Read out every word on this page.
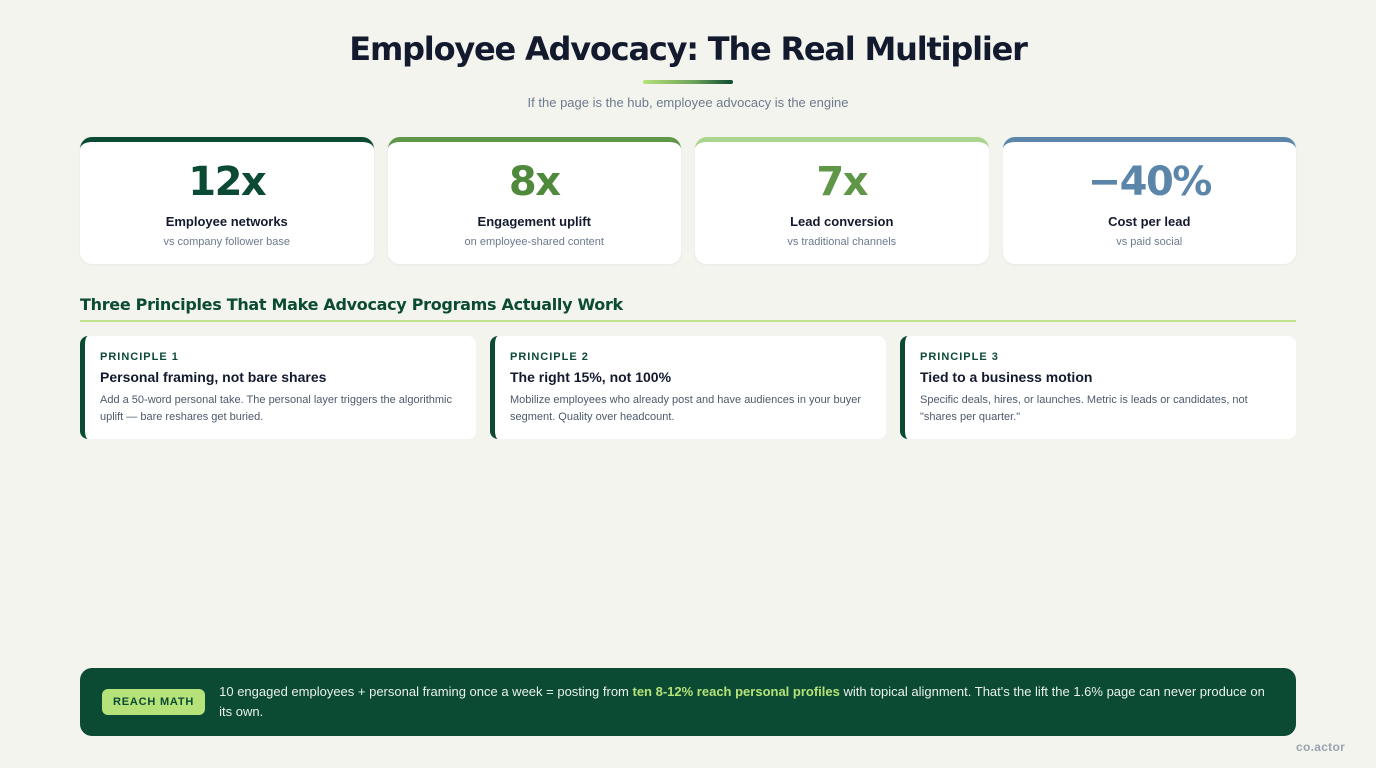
Employee Advocacy: The Real Multiplier

If the page is the hub, employee advocacy is the engine

12x
Employee networks
vs company follower base
8x
Engagement uplift
on employee-shared content
7x
Lead conversion
vs traditional channels
−40%
Cost per lead
vs paid social
Three Principles That Make Advocacy Programs Actually Work
PRINCIPLE 1
Personal framing, not bare shares
Add a 50-word personal take. The personal layer triggers the algorithmic uplift — bare reshares get buried.
PRINCIPLE 2
The right 15%, not 100%
Mobilize employees who already post and have audiences in your buyer segment. Quality over headcount.
PRINCIPLE 3
Tied to a business motion
Specific deals, hires, or launches. Metric is leads or candidates, not "shares per quarter."
REACH MATH

10 engaged employees + personal framing once a week = posting from ten 8-12% reach personal profiles with topical alignment. That's the lift the 1.6% page can never produce on its own.

co.actor
